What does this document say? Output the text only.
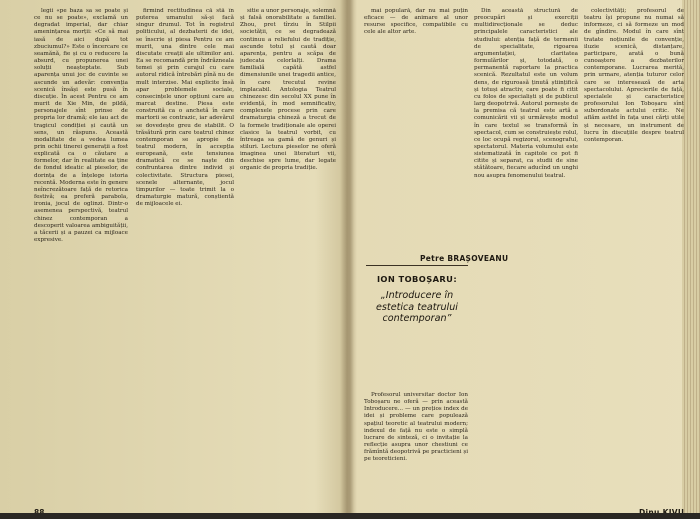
legii «pe baza sa se poate și ce nu se poate», exclamă un degradat imperial, dar chiar amenințarea morții: «Ce să mai iasă de aici după tot zbuciumul?» Este o încercare ce seamănă, fie și cu o reducere la absurd, cu propunerea unei soluții neașteptate. Sub aparența unui joc de cuvinte se ascunde un adevăr: convenția scenică însăși este pusă în discuție. În acest Pentru ce am murit de Xie Min, de pildă, personajele sînt prinse de propria lor dramă; ele iau act de tragicul condiției și caută un sens, un răspuns. Această modalitate de a vedea lumea prin ochii tinerei generații a fost explicată ca o căutare a formelor, dar în realitate ea ține de fondul ideatic al pieselor, de dorința de a înțelege istoria recentă. Moderna este în genere neîncrezătoare față de retorica festivă; ea preferă parabola, ironia, jocul de oglinzi. Dintr-o asemenea perspectivă, teatrul chinez contemporan a descoperit valoarea ambiguității, a tăcerii și a pauzei ca mijloace expresive.

firmind rectitudinea că stă în puterea umanului să-și facă singur drumul. Tot în registrul politicului, al dezbaterii de idei, se înscrie și piesa Pentru ce am murit, una dintre cele mai discutate creații ale ultimilor ani. Ea se recomandă prin îndrăzneala temei și prin curajul cu care autorul ridică întrebări pînă nu de mult interzise. Mai explicite însă apar problemele sociale, consecințele unor opțiuni care au marcat destine. Piesa este construită ca o anchetă în care martorii se contrazic, iar adevărul se dovedește greu de stabilit. O trăsătură prin care teatrul chinez contemporan se apropie de teatrul modern, în accepția europeană, este tensiunea dramatică ce se naște din confruntarea dintre individ și colectivitate. Structura piesei, scenele alternante, jocul timpurilor — toate trimit la o dramaturgie matură, conștientă de mijloacele ei.

sitie a unor personaje, solemnă și falsă onorabilitate a familiei. Zhou, pret tîrziu în Stilpii societății, ce se degradează continuu a reliefului de tradiție, ascunde totul și caută doar aparența, pentru a scăpa de judecata celorlalți. Drama familială capătă astfel dimensiunile unei tragedii antice, în care trecutul revine implacabil. Antologia Teatrul chinezesc din secolul XX pune în evidență, în mod semnificativ, complexele procese prin care dramaturgia chineză a trecut de la formele tradiționale ale operei clasice la teatrul vorbit, cu întreaga sa gamă de genuri și stiluri. Lectura pieselor ne oferă imaginea unei literaturi vii, deschise spre lume, dar legate organic de propria tradiție.

mai populară, dar nu mai puțin eficace — de animare al unor resurse specifice, compatibile cu cele ale altor arte.

Din această structură de preocupări și exerciții multidirecționale se deduc principalele caracteristici ale studiului: atenția față de termenii de specialitate, rigoarea argumentației, claritatea formulărilor și, totodată, o permanentă raportare la practica scenică. Rezultatul este un volum dens, de riguroasă ținută științifică și totuși atractiv, care poate fi citit cu folos de specialiști și de publicul larg deopotrivă. Autorul pornește de la premisa că teatrul este artă a comunicării vii și urmărește modul în care textul se transformă în spectacol, cum se construiește rolul, ce loc ocupă regizorul, scenograful, spectatorul. Materia volumului este sistematizată în capitole ce pot fi citite și separat, ca studii de sine stătătoare, fiecare aducînd un unghi nou asupra fenomenului teatral.

colectivități; profesorul de teatru își propune nu numai să informeze, ci să formeze un mod de gîndire. Modul în care sînt tratate noțiunile de convenție, iluzie scenică, distanțare, participare, arată o bună cunoaștere a dezbaterilor contemporane. Lucrarea merită, prin urmare, atenția tuturor celor care se interesează de arta spectacolului. Aprecierile de față, specialele și caracteristice profesorului Ion Toboșaru sînt subordonate actului critic. Ne aflăm astfel în fața unei cărți utile și necesare, un instrument de lucru în discuțiile despre teatrul contemporan.

Petre BRAȘOVEANU
ION TOBOȘARU:
„Introducere în estetica teatrului contemporan”

Profesorul universitar doctor Ion Toboșaru ne oferă — prin această Introducere... — un prețios index de idei și probleme care populează spațiul teoretic al teatrului modern; indexul de față nu este o simplă lucrare de sinteză, ci o invitație la reflecție asupra unor chestiuni ce frămîntă deopotrivă pe practicieni și pe teoreticieni.
